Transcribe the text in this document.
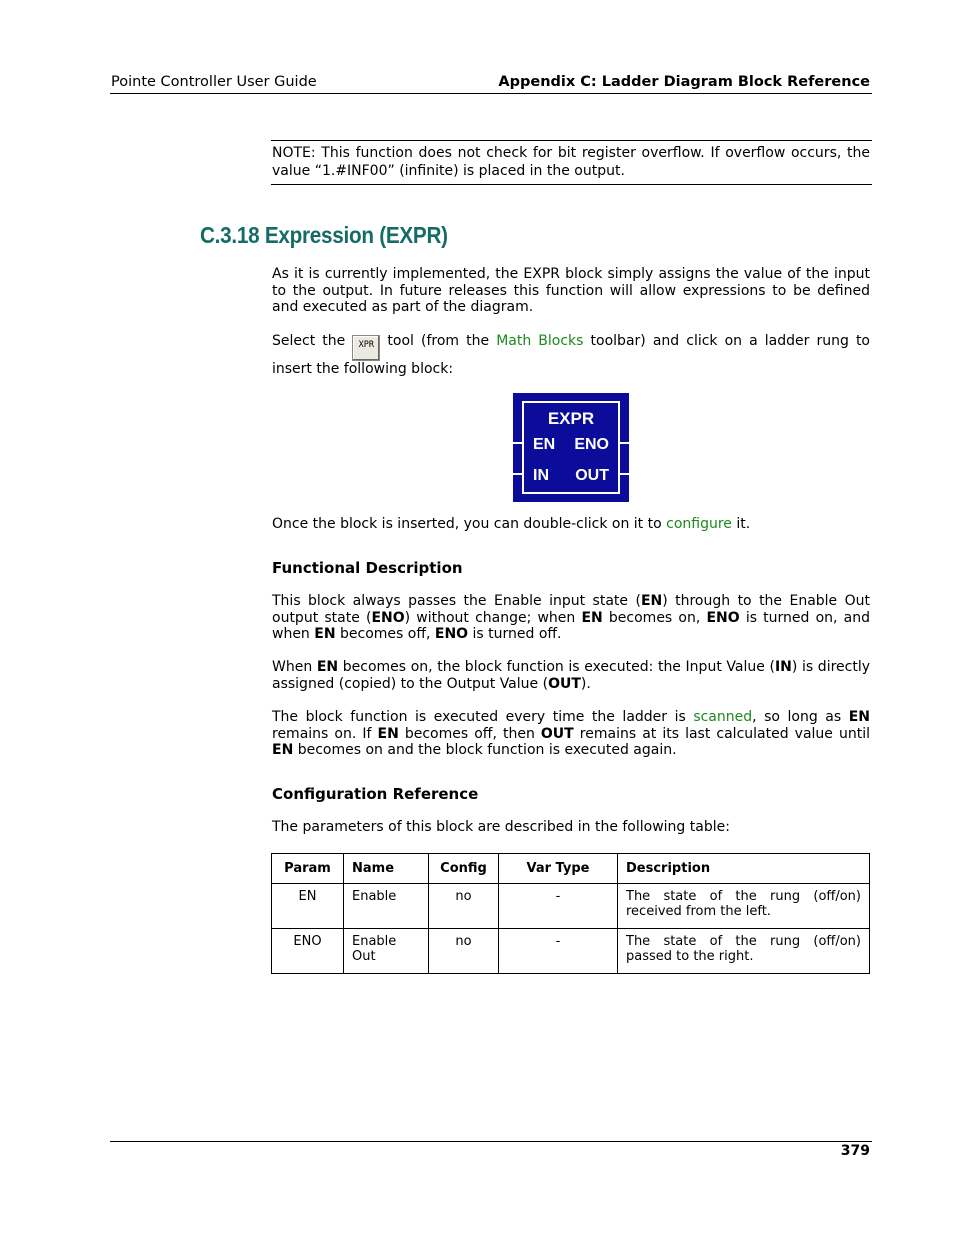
Pointe Controller User Guide	Appendix C: Ladder Diagram Block Reference
NOTE: This function does not check for bit register overflow. If overflow occurs, the value “1.#INF00” (infinite) is placed in the output.
C.3.18 Expression (EXPR)
As it is currently implemented, the EXPR block simply assigns the value of the input to the output. In future releases this function will allow expressions to be defined and executed as part of the diagram.
Select the XPR tool (from the Math Blocks toolbar) and click on a ladder rung to insert the following block:
EXPR
EN ENO
IN OUT
Once the block is inserted, you can double-click on it to configure it.
Functional Description
This block always passes the Enable input state (EN) through to the Enable Out output state (ENO) without change; when EN becomes on, ENO is turned on, and when EN becomes off, ENO is turned off.
When EN becomes on, the block function is executed: the Input Value (IN) is directly assigned (copied) to the Output Value (OUT).
The block function is executed every time the ladder is scanned, so long as EN remains on. If EN becomes off, then OUT remains at its last calculated value until EN becomes on and the block function is executed again.
Configuration Reference
The parameters of this block are described in the following table:
Param	Name	Config	Var Type	Description
EN	Enable	no	-	The state of the rung (off/on) received from the left.
ENO	Enable Out	no	-	The state of the rung (off/on) passed to the right.
379
